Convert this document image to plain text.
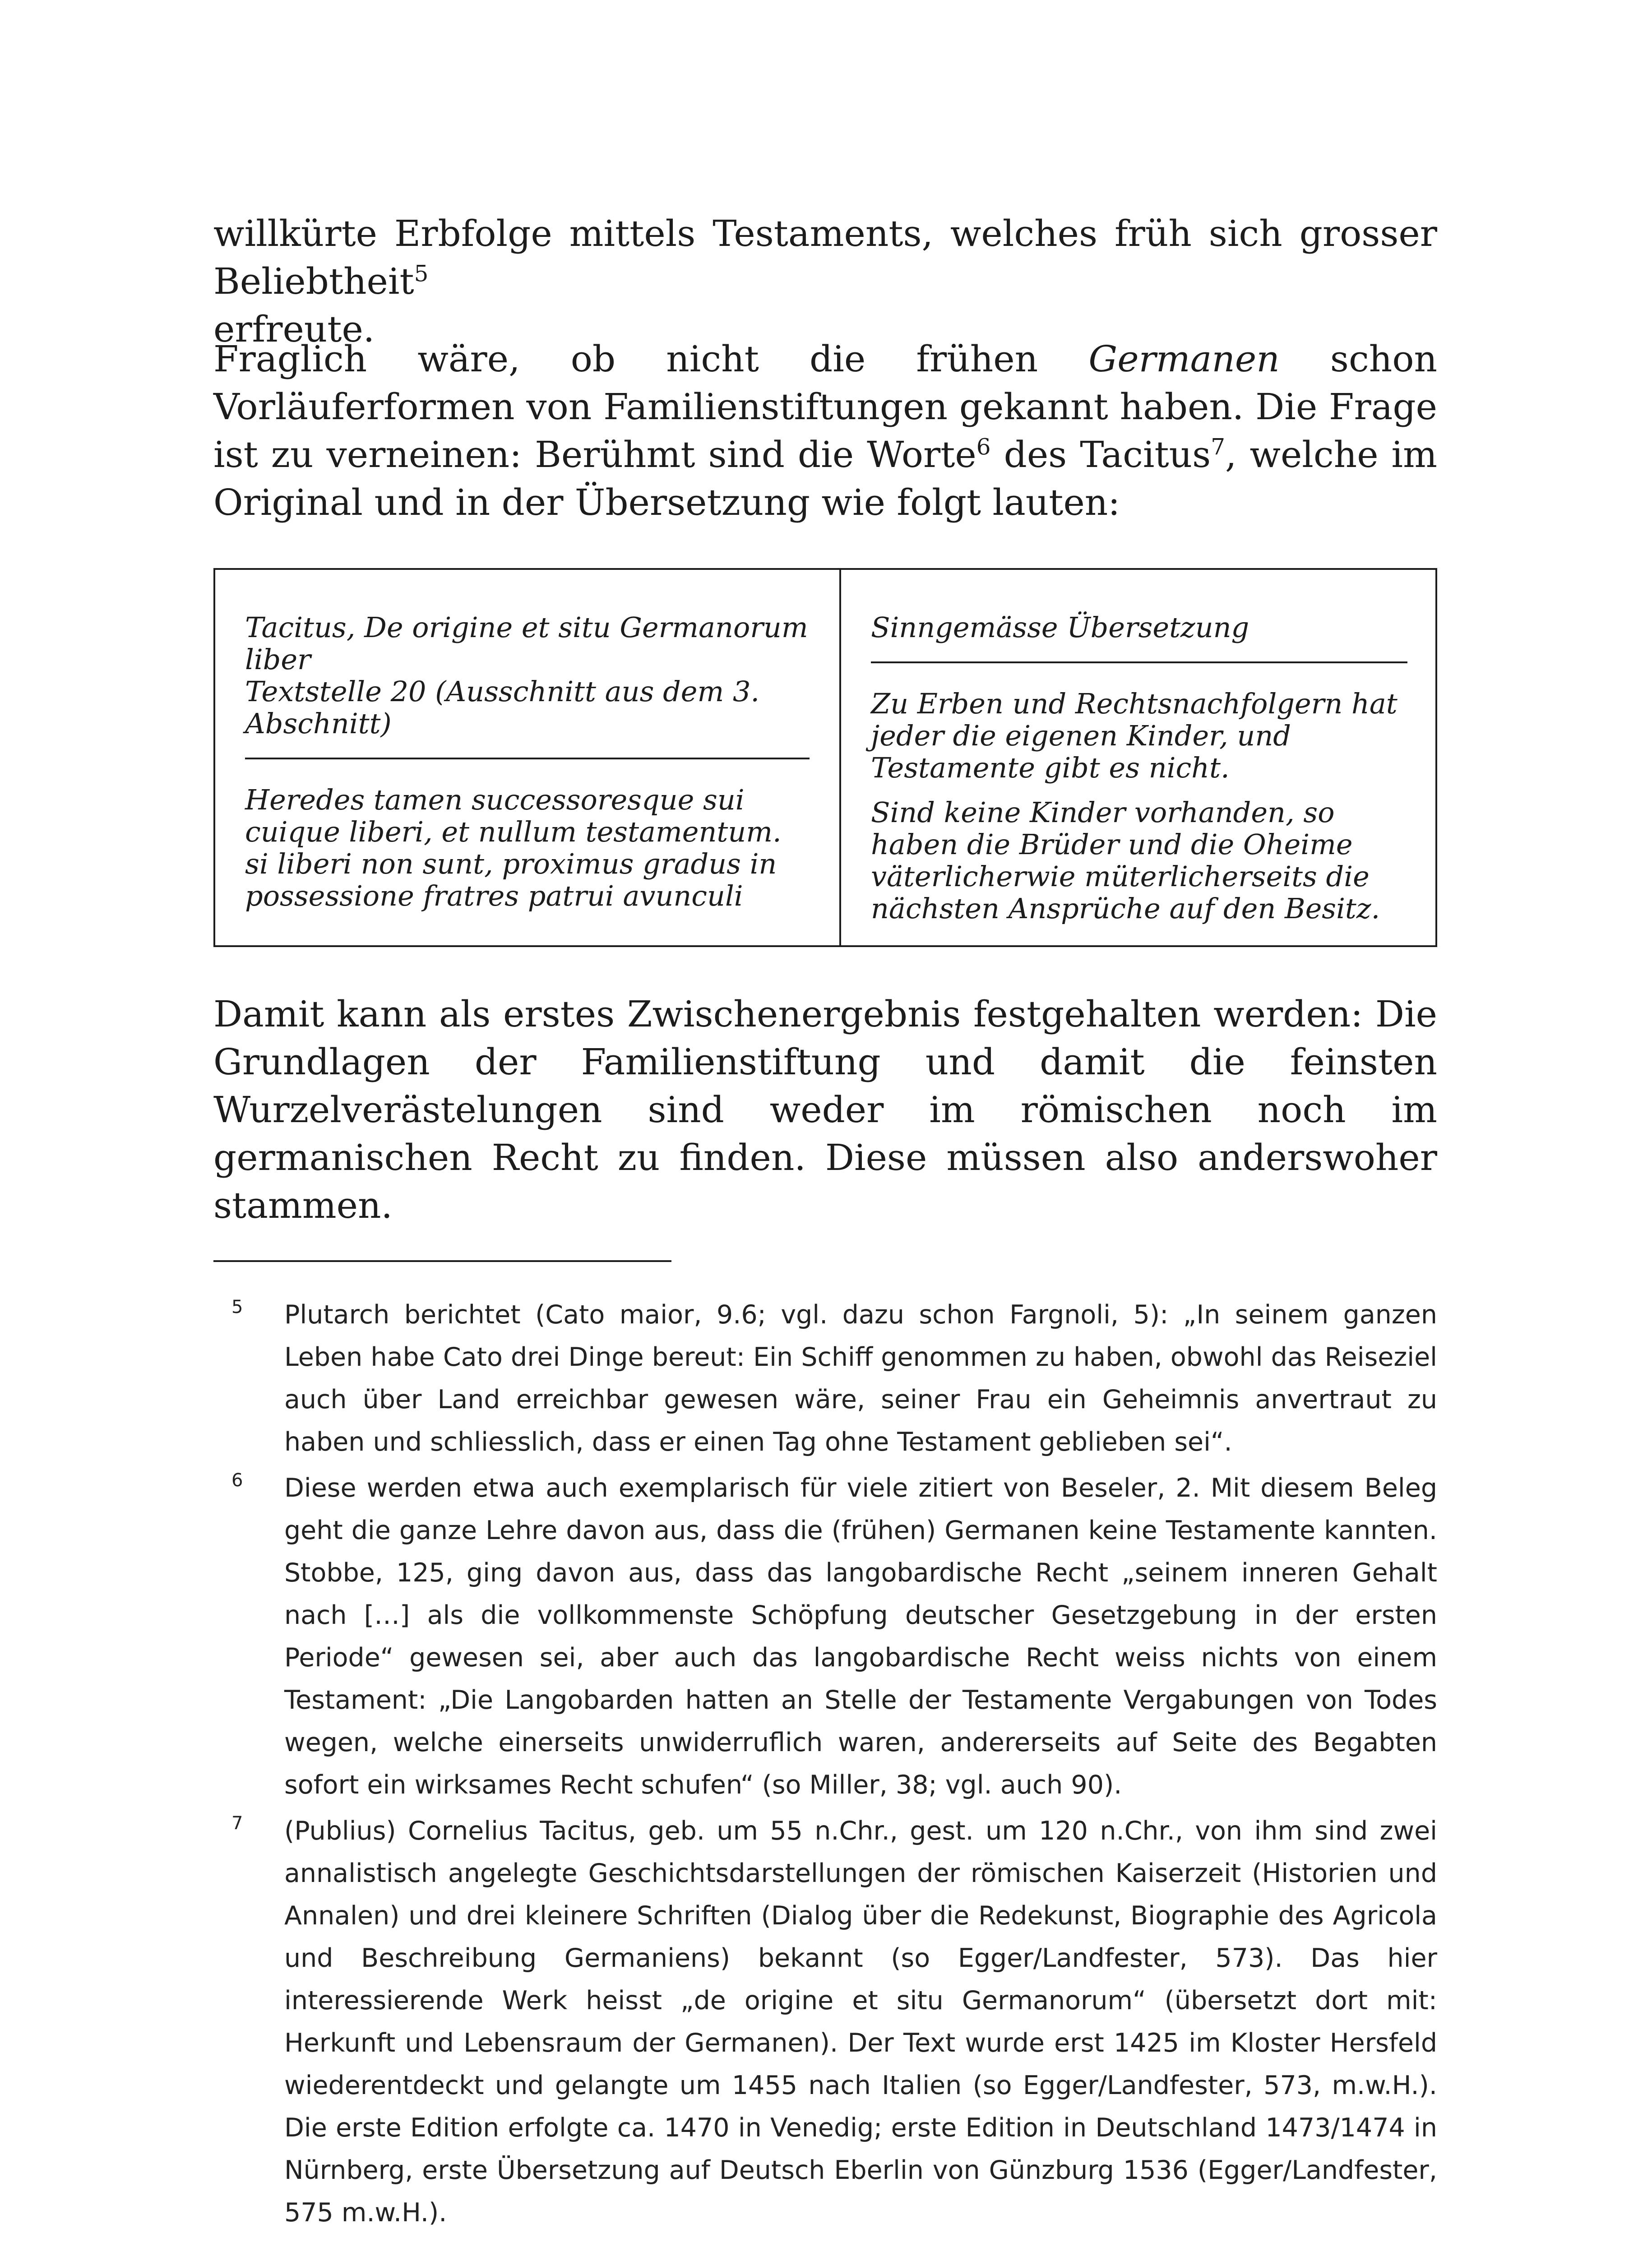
willkürte Erbfolge mittels Testaments, welches früh sich grosser Beliebtheit$^5$
erfreute.

Fraglich wäre, ob nicht die frühen Germanen schon Vorläuferformen von Familienstiftungen gekannt haben. Die Frage ist zu verneinen: Berühmt sind die Worte$^6$ des Tacitus$^7$, welche im Original und in der Übersetzung wie folgt lauten:

Tacitus, De origine et situ Germanorum liber
Textstelle 20 (Ausschnitt aus dem 3. Abschnitt)
Heredes tamen successoresque sui cuique liberi, et nullum testamentum. si liberi non sunt, proximus gradus in possessione fratres patrui avunculi
Sinngemässe Übersetzung
Zu Erben und Rechtsnachfolgern hat jeder die eigenen Kinder, und Testamente gibt es nicht.
Sind keine Kinder vorhanden, so haben die Brüder und die Oheime väterlicherwie müterlicherseits die nächsten Ansprüche auf den Besitz.

Damit kann als erstes Zwischenergebnis festgehalten werden: Die Grundlagen der Familienstiftung und damit die feinsten Wurzelverästelungen sind weder im römischen noch im germanischen Recht zu finden. Diese müssen also anderswoher stammen.

5 Plutarch berichtet (Cato maior, 9.6; vgl. dazu schon Fargnoli, 5): „In seinem ganzen Leben habe Cato drei Dinge bereut: Ein Schiff genommen zu haben, obwohl das Reiseziel auch über Land erreichbar gewesen wäre, seiner Frau ein Geheimnis anvertraut zu haben und schliesslich, dass er einen Tag ohne Testament geblieben sei“.
6 Diese werden etwa auch exemplarisch für viele zitiert von Beseler, 2. Mit diesem Beleg geht die ganze Lehre davon aus, dass die (frühen) Germanen keine Testamente kannten. Stobbe, 125, ging davon aus, dass das langobardische Recht „seinem inneren Gehalt nach […] als die vollkommenste Schöpfung deutscher Gesetzgebung in der ersten Periode“ gewesen sei, aber auch das langobardische Recht weiss nichts von einem Testament: „Die Langobarden hatten an Stelle der Testamente Vergabungen von Todes wegen, welche einerseits unwiderruflich waren, andererseits auf Seite des Begabten sofort ein wirksames Recht schufen“ (so Miller, 38; vgl. auch 90).
7 (Publius) Cornelius Tacitus, geb. um 55 n.Chr., gest. um 120 n.Chr., von ihm sind zwei annalistisch angelegte Geschichtsdarstellungen der römischen Kaiserzeit (Historien und Annalen) und drei kleinere Schriften (Dialog über die Redekunst, Biographie des Agricola und Beschreibung Germaniens) bekannt (so Egger/Landfester, 573). Das hier interessierende Werk heisst „de origine et situ Germanorum“ (übersetzt dort mit: Herkunft und Lebensraum der Germanen). Der Text wurde erst 1425 im Kloster Hersfeld wiederentdeckt und gelangte um 1455 nach Italien (so Egger/Landfester, 573, m.w.H.). Die erste Edition erfolgte ca. 1470 in Venedig; erste Edition in Deutschland 1473/1474 in Nürnberg, erste Übersetzung auf Deutsch Eberlin von Günzburg 1536 (Egger/Landfester, 575 m.w.H.).
